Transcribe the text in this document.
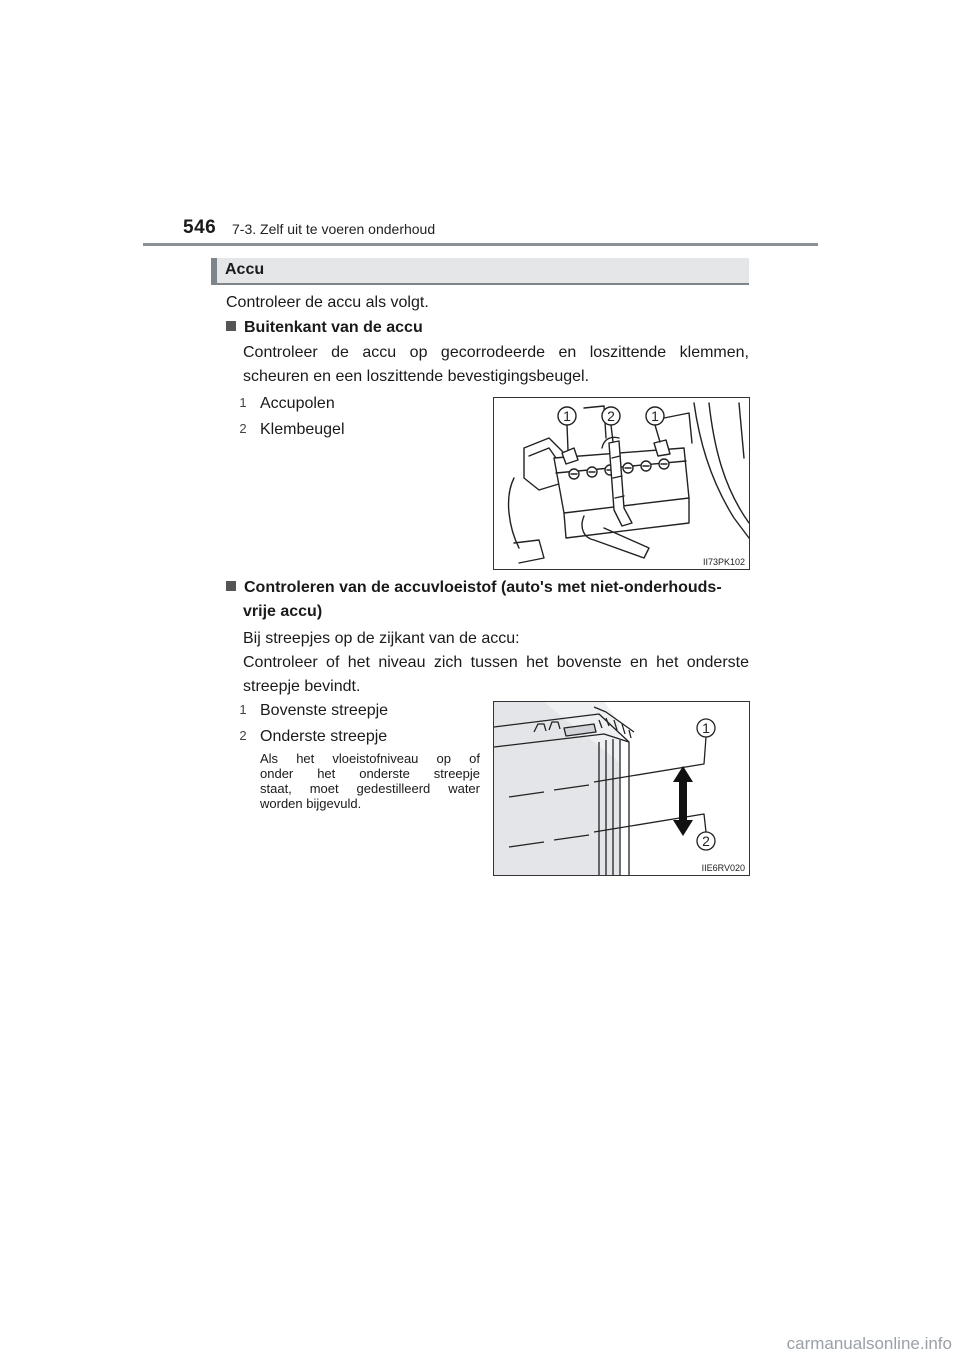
546 7-3. Zelf uit te voeren onderhoud
Accu
Controleer de accu als volgt.
Buitenkant van de accu
Controleer de accu op gecorrodeerde en loszittende klemmen,
scheuren en een loszittende bevestigingsbeugel.
1 Accupolen
2 Klembeugel
1	2	1
II73PK102
Controleren van de accuvloeistof (auto's met niet-onderhouds-
vrije accu)
Bij streepjes op de zijkant van de accu:
Controleer of het niveau zich tussen het bovenste en het onderste
streepje bevindt.
1 Bovenste streepje
2 Onderste streepje
Als het vloeistofniveau op of
onder het onderste streepje
staat, moet gedestilleerd water
worden bijgevuld.
1
2
IIE6RV020
carmanualsonline.info
